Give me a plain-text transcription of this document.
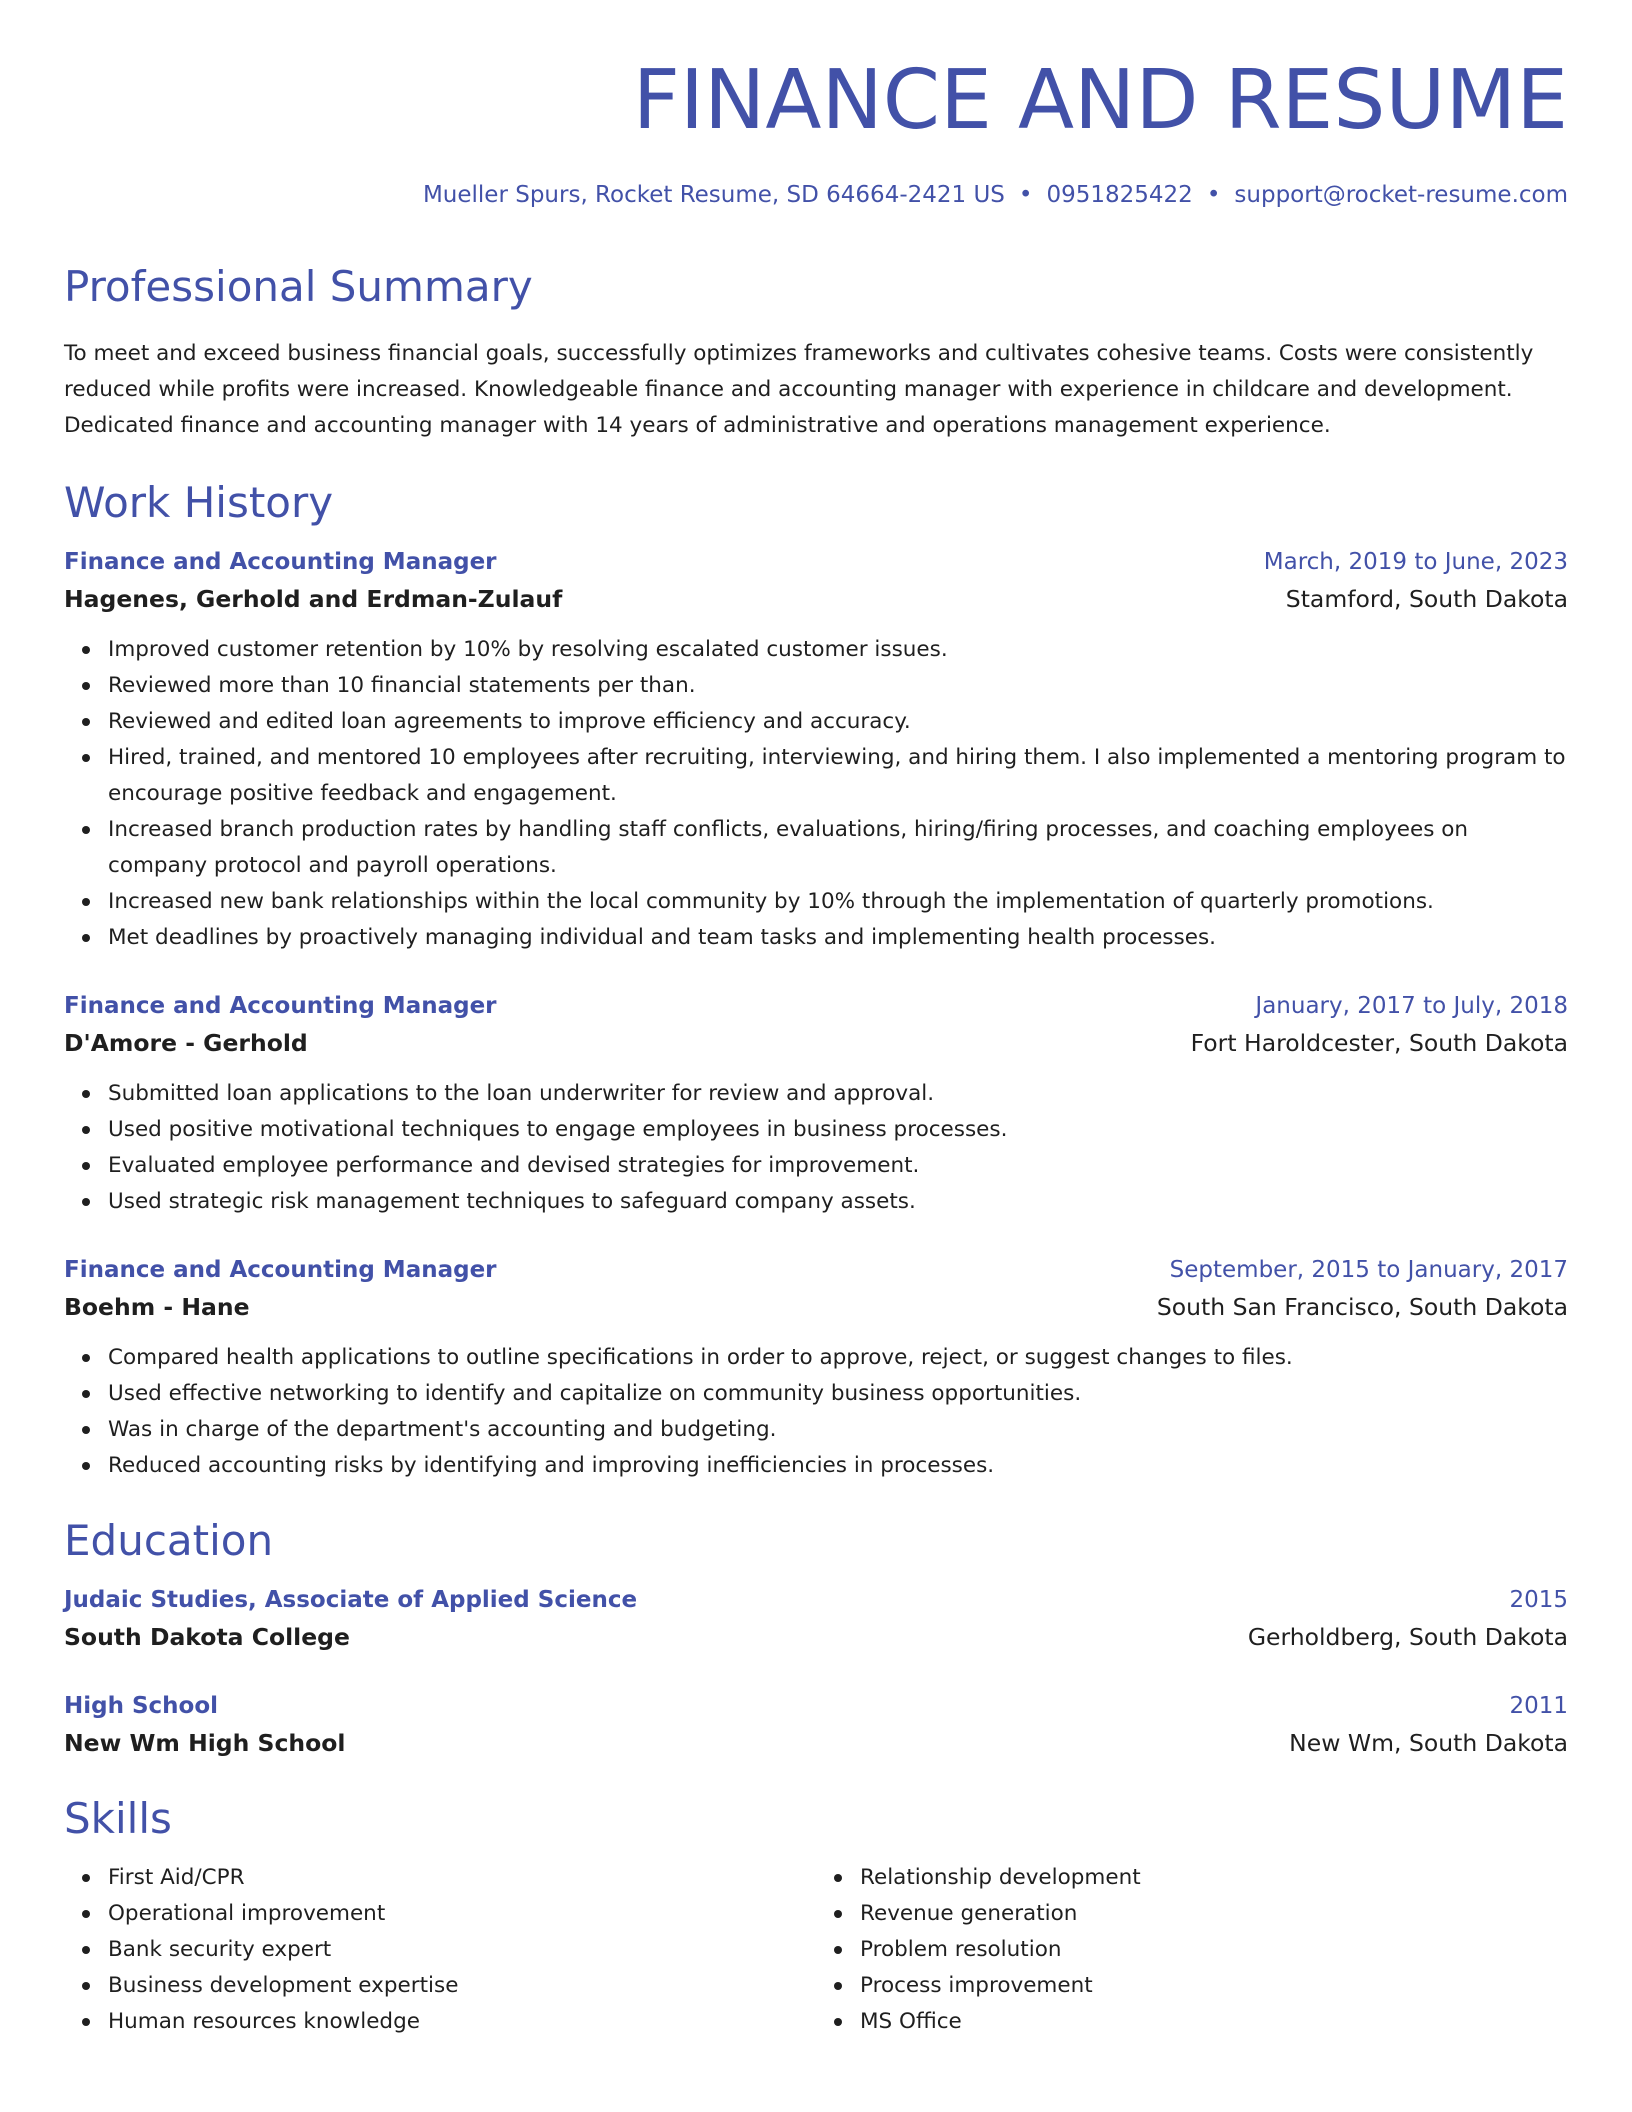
FINANCE AND RESUME
Mueller Spurs, Rocket Resume, SD 64664-2421 US • 0951825422 • support@rocket-resume.com
Professional Summary
To meet and exceed business financial goals, successfully optimizes frameworks and cultivates cohesive teams. Costs were consistently reduced while profits were increased. Knowledgeable finance and accounting manager with experience in childcare and development. Dedicated finance and accounting manager with 14 years of administrative and operations management experience.
Work History
Finance and Accounting Manager	March, 2019 to June, 2023
Hagenes, Gerhold and Erdman-Zulauf	Stamford, South Dakota
Improved customer retention by 10% by resolving escalated customer issues.
Reviewed more than 10 financial statements per than.
Reviewed and edited loan agreements to improve efficiency and accuracy.
Hired, trained, and mentored 10 employees after recruiting, interviewing, and hiring them. I also implemented a mentoring program to encourage positive feedback and engagement.
Increased branch production rates by handling staff conflicts, evaluations, hiring/firing processes, and coaching employees on company protocol and payroll operations.
Increased new bank relationships within the local community by 10% through the implementation of quarterly promotions.
Met deadlines by proactively managing individual and team tasks and implementing health processes.
Finance and Accounting Manager	January, 2017 to July, 2018
D'Amore - Gerhold	Fort Haroldcester, South Dakota
Submitted loan applications to the loan underwriter for review and approval.
Used positive motivational techniques to engage employees in business processes.
Evaluated employee performance and devised strategies for improvement.
Used strategic risk management techniques to safeguard company assets.
Finance and Accounting Manager	September, 2015 to January, 2017
Boehm - Hane	South San Francisco, South Dakota
Compared health applications to outline specifications in order to approve, reject, or suggest changes to files.
Used effective networking to identify and capitalize on community business opportunities.
Was in charge of the department's accounting and budgeting.
Reduced accounting risks by identifying and improving inefficiencies in processes.
Education
Judaic Studies, Associate of Applied Science	2015
South Dakota College	Gerholdberg, South Dakota
High School	2011
New Wm High School	New Wm, South Dakota
Skills
First Aid/CPR
Operational improvement
Bank security expert
Business development expertise
Human resources knowledge
Relationship development
Revenue generation
Problem resolution
Process improvement
MS Office
